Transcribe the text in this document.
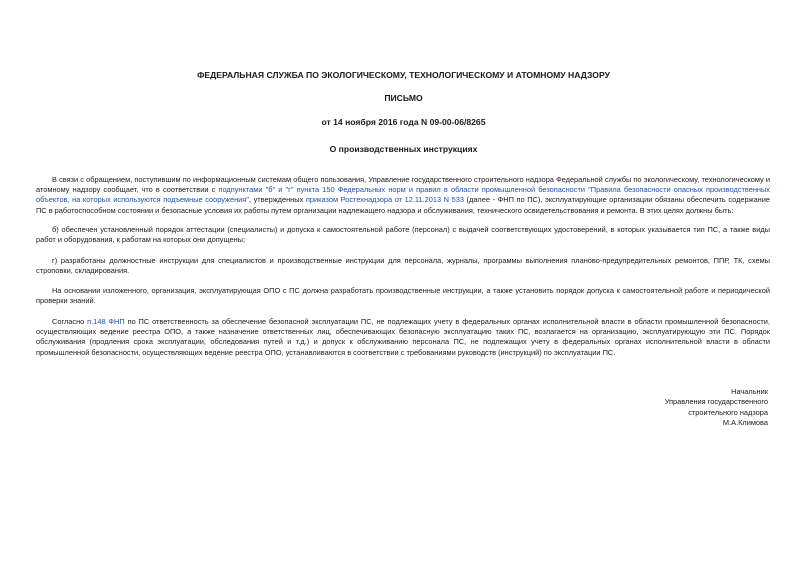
ФЕДЕРАЛЬНАЯ СЛУЖБА ПО ЭКОЛОГИЧЕСКОМУ, ТЕХНОЛОГИЧЕСКОМУ И АТОМНОМУ НАДЗОРУ
ПИСЬМО
от 14 ноября 2016 года N 09-00-06/8265
О производственных инструкциях

В связи с обращением, поступившим по информационным системам общего пользования, Управление государственного строительного надзора Федеральной службы по экологическому, технологическому и атомному надзору сообщает, что в соответствии с подпунктами "б" и "г" пункта 150 Федеральных норм и правил в области промышленной безопасности "Правила безопасности опасных производственных объектов, на которых используются подъемные сооружения", утвержденных приказом Ростехнадзора от 12.11.2013 N 533 (далее - ФНП по ПС), эксплуатирующие организации обязаны обеспечить содержание ПС в работоспособном состоянии и безопасные условия их работы путем организации надлежащего надзора и обслуживания, технического освидетельствования и ремонта. В этих целях должны быть:

б) обеспечен установленный порядок аттестации (специалисты) и допуска к самостоятельной работе (персонал) с выдачей соответствующих удостоверений, в которых указывается тип ПС, а также виды работ и оборудования, к работам на которых они допущены;

г) разработаны должностные инструкции для специалистов и производственные инструкции для персонала, журналы, программы выполнения планово-предупредительных ремонтов, ППР, ТК, схемы строповки, складирования.

На основании изложенного, организация, эксплуатирующая ОПО с ПС должна разработать производственные инструкции, а также установить порядок допуска к самостоятельной работе и периодической проверки знаний.

Согласно п.148 ФНП по ПС ответственность за обеспечение безопасной эксплуатации ПС, не подлежащих учету в федеральных органах исполнительной власти в области промышленной безопасности, осуществляющих ведение реестра ОПО, а также назначение ответственных лиц, обеспечивающих безопасную эксплуатацию таких ПС, возлагается на организацию, эксплуатирующую эти ПС. Порядок обслуживания (продления срока эксплуатации, обследования путей и т.д.) и допуск к обслуживанию персонала ПС, не подлежащих учету в федеральных органах исполнительной власти в области промышленной безопасности, осуществляющих ведение реестра ОПО, устанавливаются в соответствии с требованиями руководств (инструкций) по эксплуатации ПС.

Начальник
Управления государственного
строительного надзора
М.А.Климова
